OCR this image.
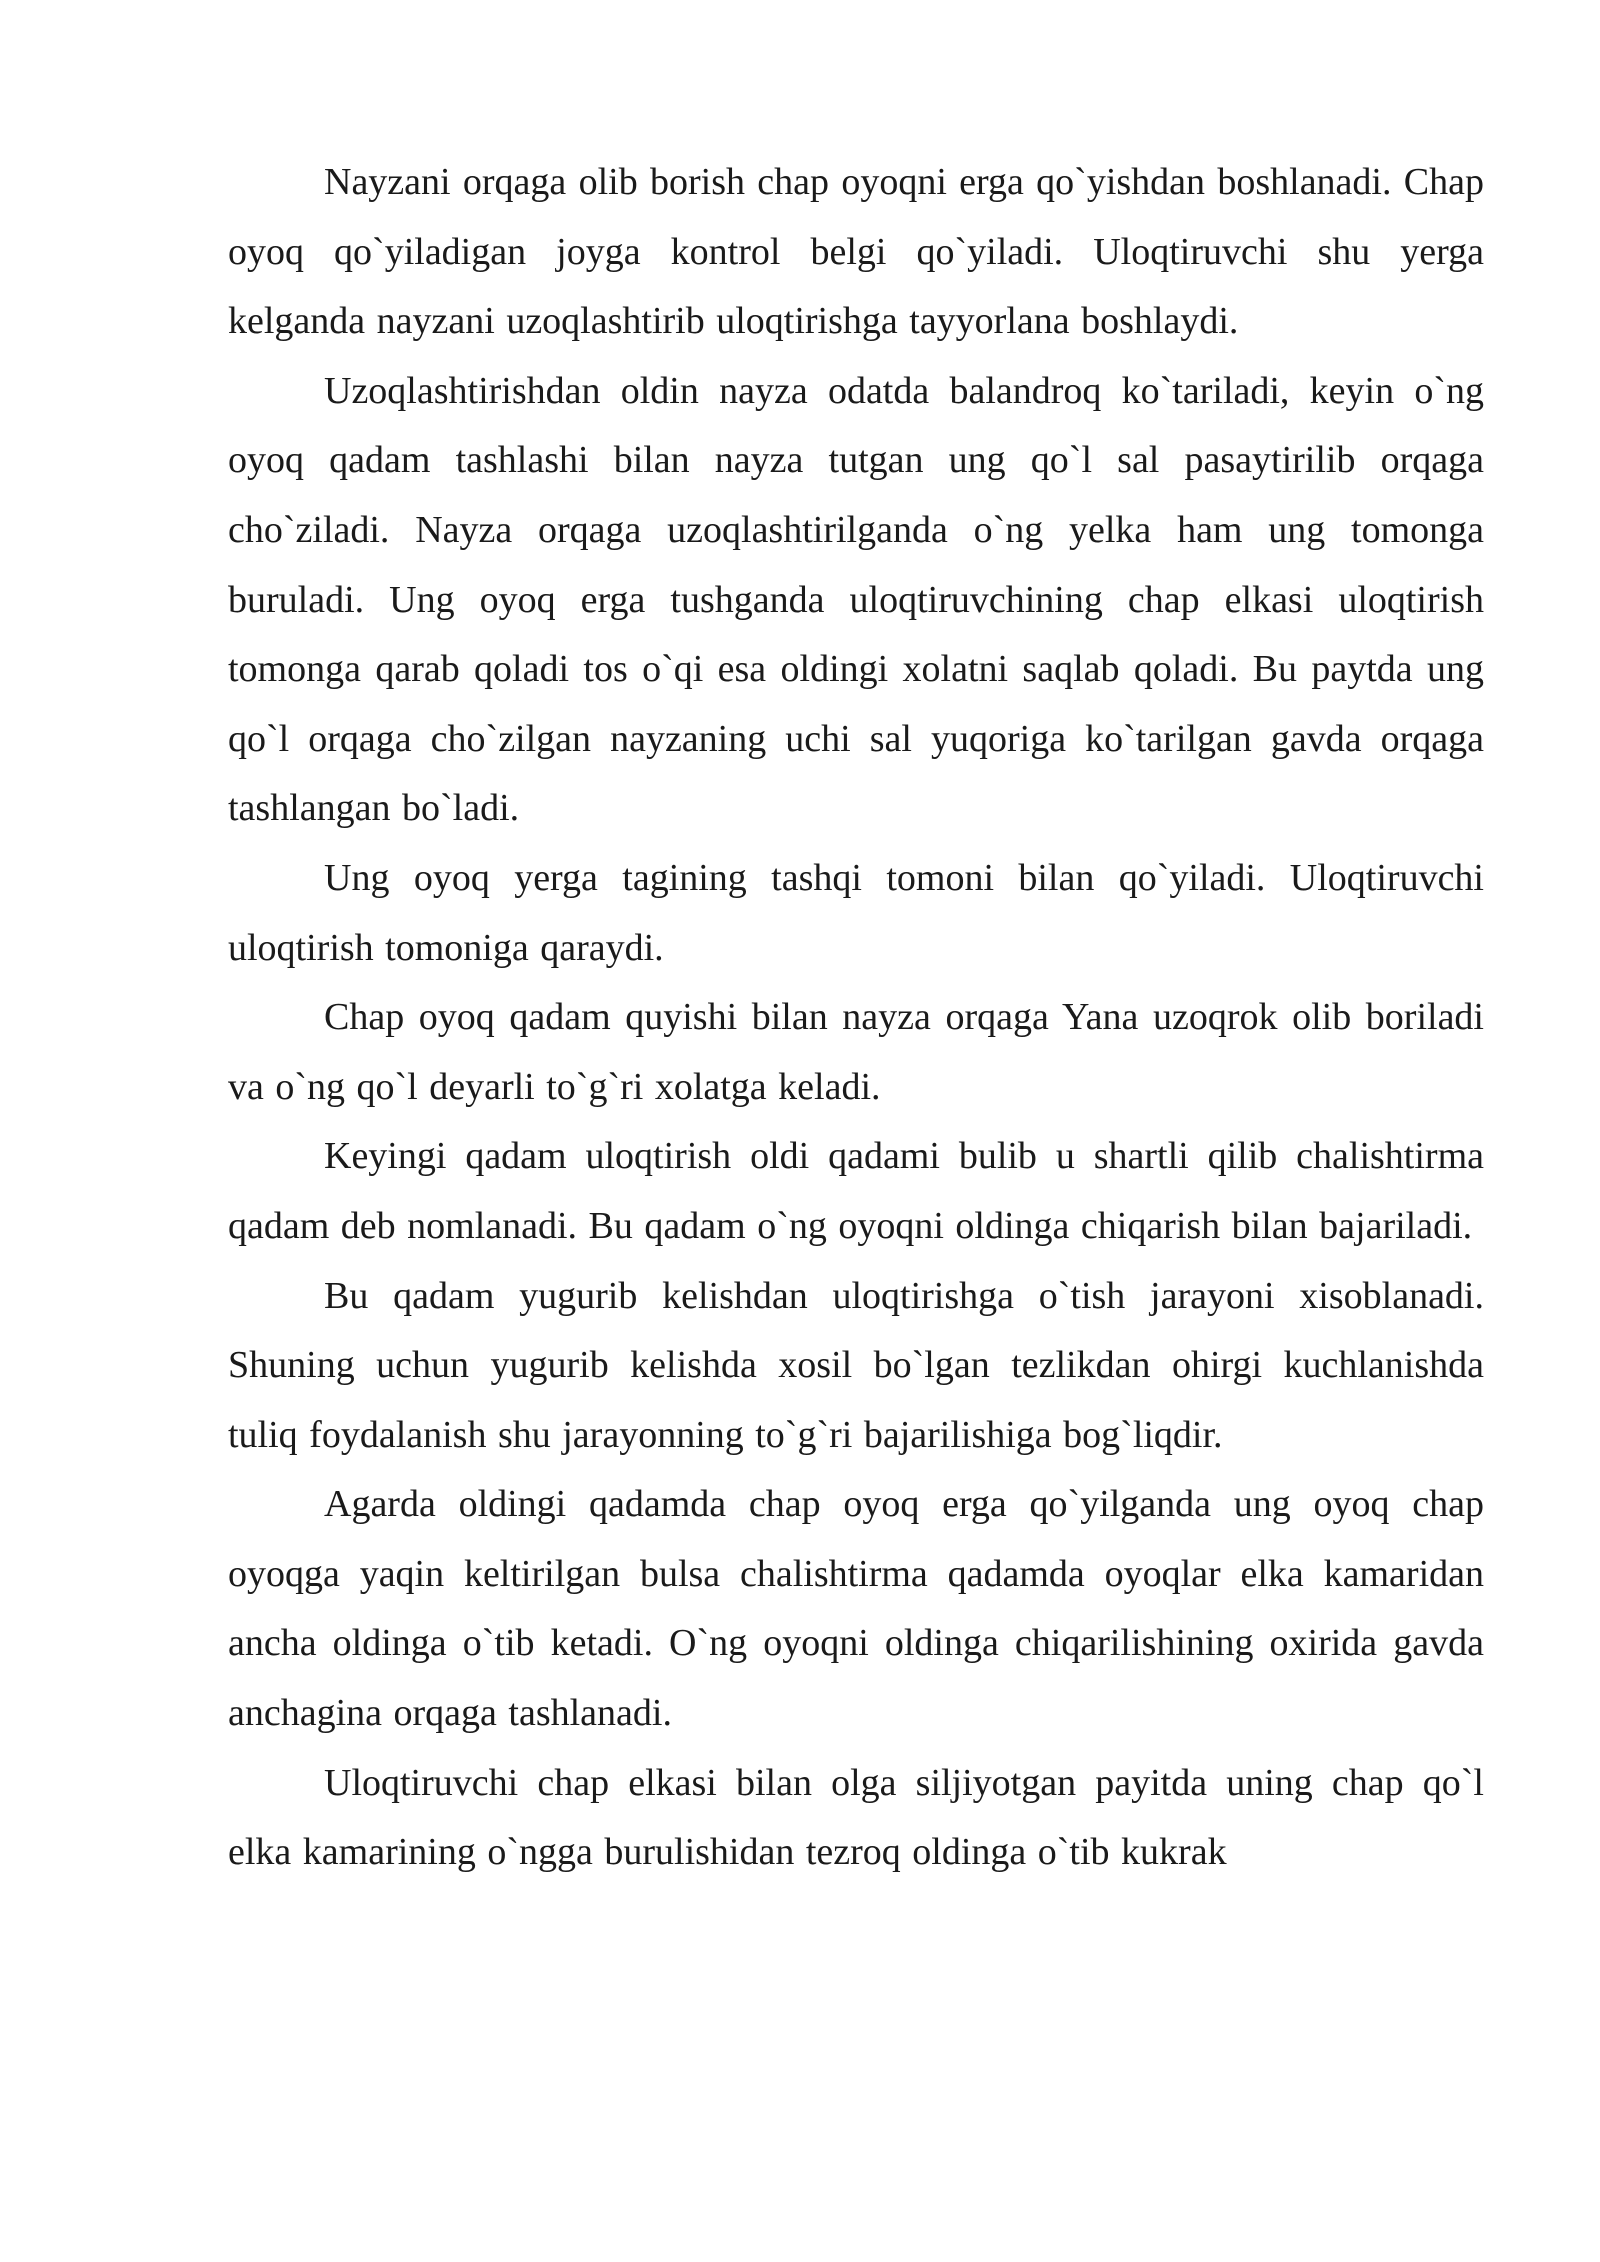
Nayzani orqaga olib borish chap oyoqni erga qo`yishdan boshlanadi. Chap oyoq qo`yiladigan joyga kontrol belgi qo`yiladi. Uloqtiruvchi shu yerga kelganda nayzani uzoqlashtirib uloqtirishga tayyorlana boshlaydi.

Uzoqlashtirishdan oldin nayza odatda balandroq ko`tariladi, keyin o`ng oyoq qadam tashlashi bilan nayza tutgan ung qo`l sal pasaytirilib orqaga cho`ziladi. Nayza orqaga uzoqlashtirilganda o`ng yelka ham ung tomonga buruladi. Ung oyoq erga tushganda uloqtiruvchining chap elkasi uloqtirish tomonga qarab qoladi tos o`qi esa oldingi xolatni saqlab qoladi. Bu paytda ung qo`l orqaga cho`zilgan nayzaning uchi sal yuqoriga ko`tarilgan gavda orqaga tashlangan bo`ladi.

Ung oyoq yerga tagining tashqi tomoni bilan qo`yiladi. Uloqtiruvchi uloqtirish tomoniga qaraydi.

Chap oyoq qadam quyishi bilan nayza orqaga Yana uzoqrok olib boriladi va o`ng qo`l deyarli to`g`ri xolatga keladi.

Keyingi qadam uloqtirish oldi qadami bulib u shartli qilib chalishtirma qadam deb nomlanadi. Bu qadam o`ng oyoqni oldinga chiqarish bilan bajariladi.

Bu qadam yugurib kelishdan uloqtirishga o`tish jarayoni xisoblanadi. Shuning uchun yugurib kelishda xosil bo`lgan tezlikdan ohirgi kuchlanishda tuliq foydalanish shu jarayonning to`g`ri bajarilishiga bog`liqdir.

Agarda oldingi qadamda chap oyoq erga qo`yilganda ung oyoq chap oyoqga yaqin keltirilgan bulsa chalishtirma qadamda oyoqlar elka kamaridan ancha oldinga o`tib ketadi. O`ng oyoqni oldinga chiqarilishining oxirida gavda anchagina orqaga tashlanadi.

Uloqtiruvchi chap elkasi bilan olga siljiyotgan payitda uning chap qo`l elka kamarining o`ngga burulishidan tezroq oldinga o`tib kukrak
